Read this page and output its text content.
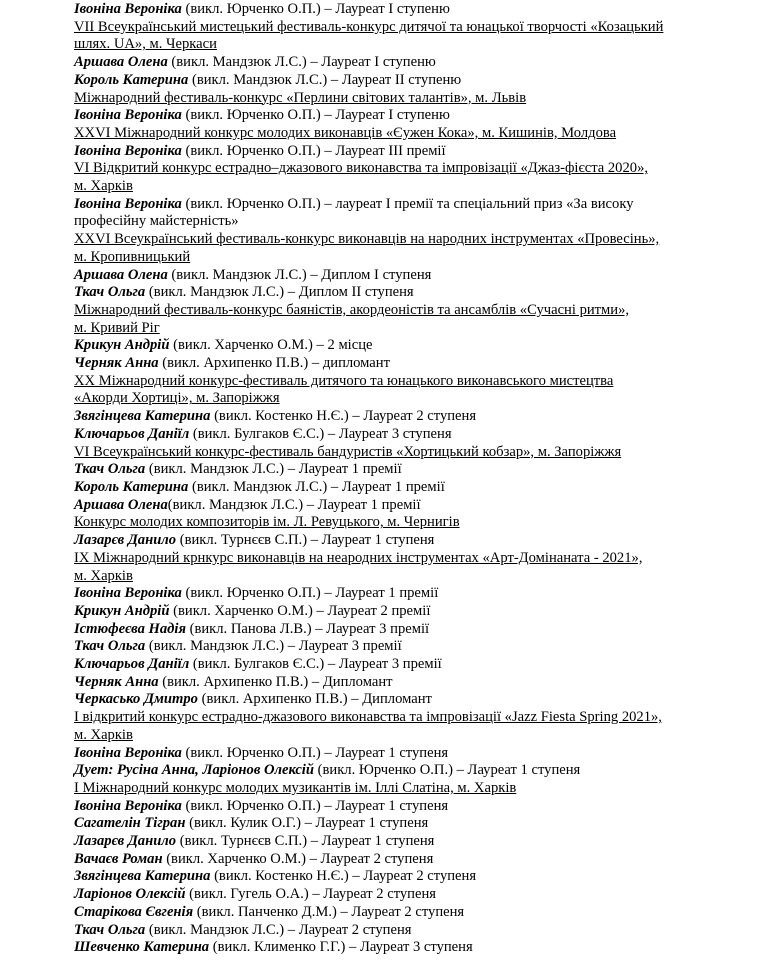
Івоніна Вероніка (викл. Юрченко О.П.) – Лауреат I ступеню
VII Всеукраїнський мистецький фестиваль-конкурс дитячої та юнацької творчості «Козацький
шлях. UA», м. Черкаси
Аршава Олена (викл. Мандзюк Л.С.) – Лауреат I ступеню
Король Катерина (викл. Мандзюк Л.С.) – Лауреат II ступеню
Міжнародний фестиваль-конкурс «Перлини світових талантів», м. Львів
Івоніна Вероніка (викл. Юрченко О.П.) – Лауреат I ступеню
XXVI Міжнародний конкурс молодих виконавців «Єужен Кока», м. Кишинів, Молдова
Івоніна Вероніка (викл. Юрченко О.П.) – Лауреат III премії
VI Відкритий конкурс естрадно–джазового виконавства та імпровізації «Джаз-фієста 2020»,
м. Харків
Івоніна Вероніка (викл. Юрченко О.П.) – лауреат I премії та спеціальний приз «За високу
професійну майстерність»
XXVI Всеукраїнський фестиваль-конкурс виконавців на народних інструментах «Провесінь»,
м. Кропивницький
Аршава Олена (викл. Мандзюк Л.С.) – Диплом I ступеня
Ткач Ольга (викл. Мандзюк Л.С.) – Диплом II ступеня
Міжнародний фестиваль-конкурс баяністів, акордеоністів та ансамблів «Сучасні ритми»,
м. Кривий Ріг
Крикун Андрій (викл. Харченко О.М.) – 2 місце
Черняк Анна (викл. Архипенко П.В.) – дипломант
XX Міжнародний конкурс-фестиваль дитячого та юнацького виконавського мистецтва
«Акорди Хортиці», м. Запоріжжя
Звягінцева Катерина (викл. Костенко Н.Є.) – Лауреат 2 ступеня
Ключарьов Даніїл (викл. Булгаков Є.С.) – Лауреат 3 ступеня
VI Всеукраїнський конкурс-фестиваль бандуристів «Хортицький кобзар», м. Запоріжжя
Ткач Ольга (викл. Мандзюк Л.С.) – Лауреат 1 премії
Король Катерина (викл. Мандзюк Л.С.) – Лауреат 1 премії
Аршава Олена(викл. Мандзюк Л.С.) – Лауреат 1 премії
Конкурс молодих композиторів ім. Л. Ревуцького, м. Чернигів
Лазарєв Данило (викл. Турнєєв С.П.) – Лауреат 1 ступеня
IX Міжнародний крнкурс виконавців на неародних інструментах «Арт-Домінаната - 2021»,
м. Харків
Івоніна Вероніка (викл. Юрченко О.П.) – Лауреат 1 премії
Крикун Андрій (викл. Харченко О.М.) – Лауреат 2 премії
Істюфеєва Надія (викл. Панова Л.В.) – Лауреат 3 премії
Ткач Ольга (викл. Мандзюк Л.С.) – Лауреат 3 премії
Ключарьов Даніїл (викл. Булгаков Є.С.) – Лауреат 3 премії
Черняк Анна (викл. Архипенко П.В.) – Дипломант
Черкасько Дмитро (викл. Архипенко П.В.) – Дипломант
I відкритий конкурс естрадно-джазового виконавства та імпровізації «Jazz Fiesta Spring 2021»,
м. Харків
Івоніна Вероніка (викл. Юрченко О.П.) – Лауреат 1 ступеня
Дует: Русіна Анна, Ларіонов Олексій (викл. Юрченко О.П.) – Лауреат 1 ступеня
I Міжнародний конкурс молодих музикантів ім. Іллі Слатіна, м. Харків
Івоніна Вероніка (викл. Юрченко О.П.) – Лауреат 1 ступеня
Сагателін Тігран (викл. Кулик О.Г.) – Лауреат 1 ступеня
Лазарєв Данило (викл. Турнєєв С.П.) – Лауреат 1 ступеня
Вачаєв Роман (викл. Харченко О.М.) – Лауреат 2 ступеня
Звягінцева Катерина (викл. Костенко Н.Є.) – Лауреат 2 ступеня
Ларіонов Олексій (викл. Гугель О.А.) – Лауреат 2 ступеня
Старікова Євгенія (викл. Панченко Д.М.) – Лауреат 2 ступеня
Ткач Ольга (викл. Мандзюк Л.С.) – Лауреат 2 ступеня
Шевченко Катерина (викл. Клименко Г.Г.) – Лауреат 3 ступеня
